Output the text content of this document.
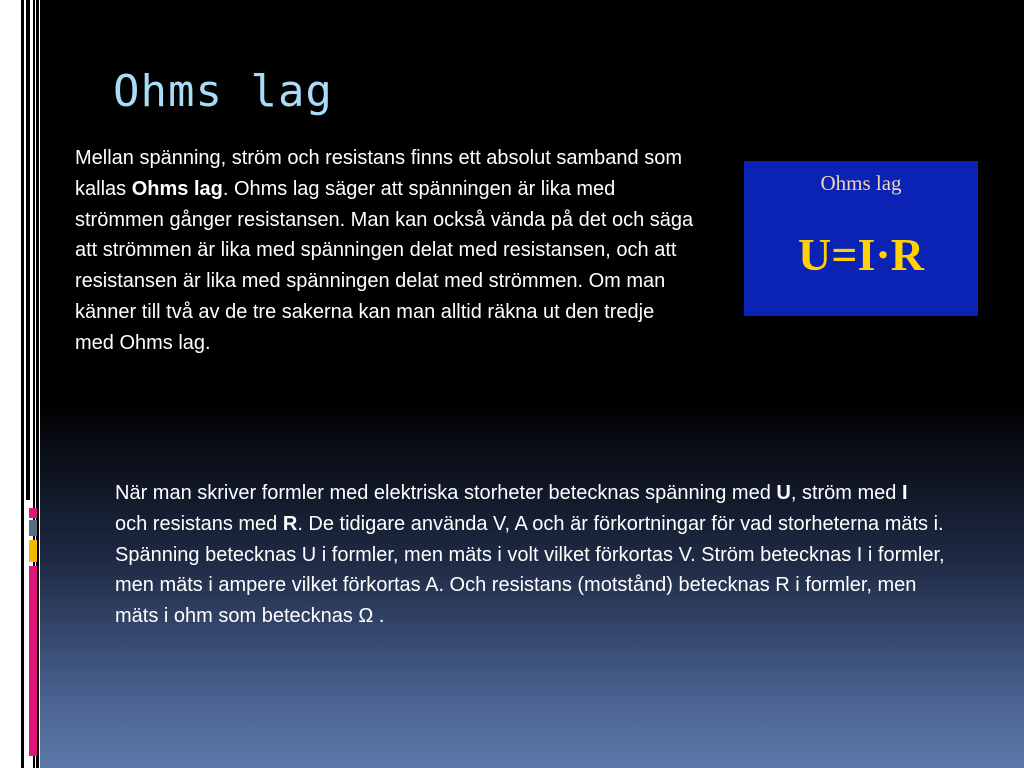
Ohms lag
Mellan spänning, ström och resistans finns ett absolut samband som kallas Ohms lag. Ohms lag säger att spänningen är lika med strömmen gånger resistansen. Man kan också vända på det och säga att strömmen är lika med spänningen delat med resistansen, och att resistansen är lika med spänningen delat med strömmen. Om man känner till två av de tre sakerna kan man alltid räkna ut den tredje med Ohms lag.
Ohms lag
U=I·R
När man skriver formler med elektriska storheter betecknas spänning med U, ström med I och resistans med R. De tidigare använda V, A och är förkortningar för vad storheterna mäts i. Spänning betecknas U i formler, men mäts i volt vilket förkortas V. Ström betecknas I i formler, men mäts i ampere vilket förkortas A. Och resistans (motstånd) betecknas R i formler, men mäts i ohm som betecknas Ω .
